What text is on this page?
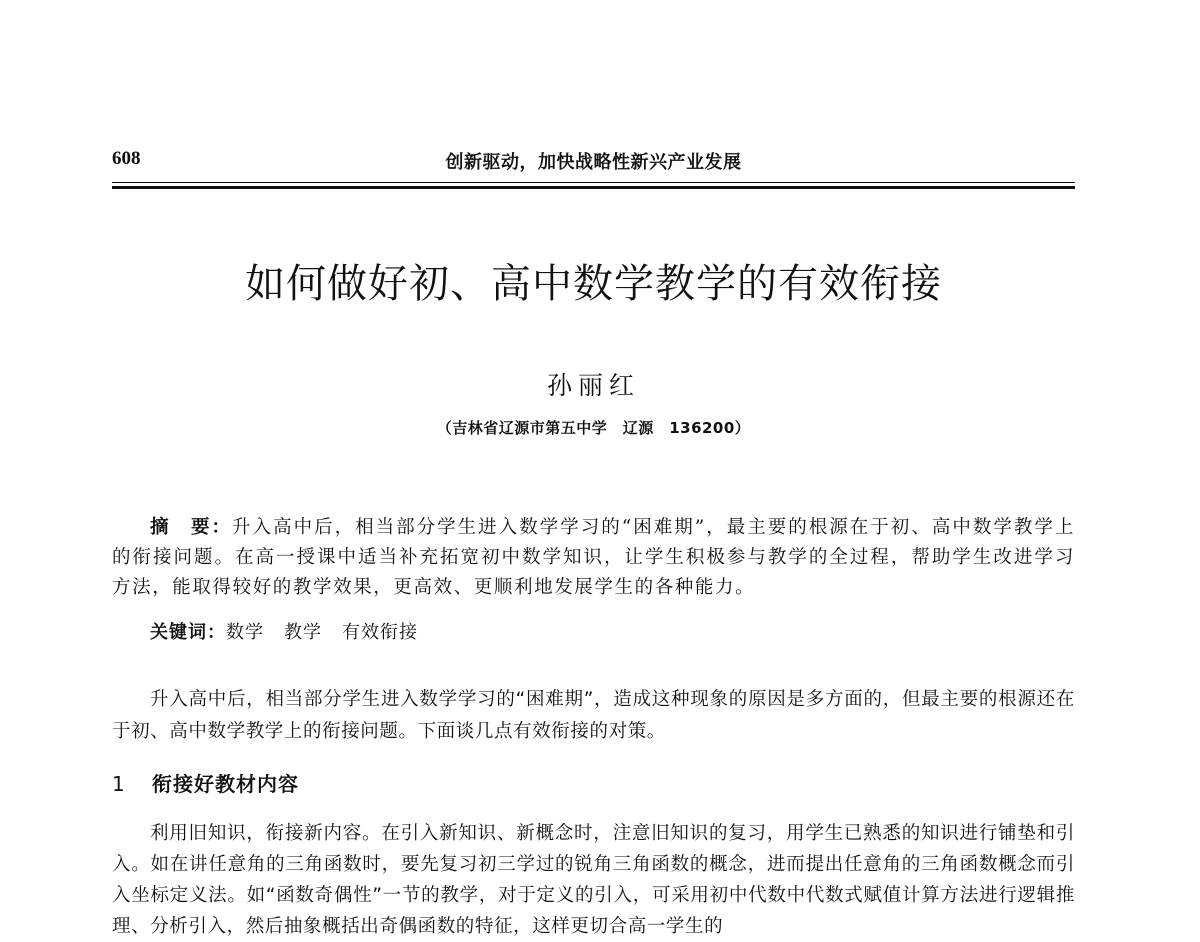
608	创新驱动，加快战略性新兴产业发展
如何做好初、高中数学教学的有效衔接
孙丽红
（吉林省辽源市第五中学　辽源　136200）
摘　要：升入高中后，相当部分学生进入数学学习的“困难期”，最主要的根源在于初、高中数学教学上的衔接问题。在高一授课中适当补充拓宽初中数学知识，让学生积极参与教学的全过程，帮助学生改进学习方法，能取得较好的教学效果，更高效、更顺利地发展学生的各种能力。
关键词：数学 教学 有效衔接
升入高中后，相当部分学生进入数学学习的“困难期”，造成这种现象的原因是多方面的，但最主要的根源还在于初、高中数学教学上的衔接问题。下面谈几点有效衔接的对策。
1 衔接好教材内容
利用旧知识，衔接新内容。在引入新知识、新概念时，注意旧知识的复习，用学生已熟悉的知识进行铺垫和引入。如在讲任意角的三角函数时，要先复习初三学过的锐角三角函数的概念，进而提出任意角的三角函数概念而引入坐标定义法。如“函数奇偶性”一节的教学，对于定义的引入，可采用初中代数中代数式赋值计算方法进行逻辑推理、分析引入，然后抽象概括出奇偶函数的特征，这样更切合高一学生的
